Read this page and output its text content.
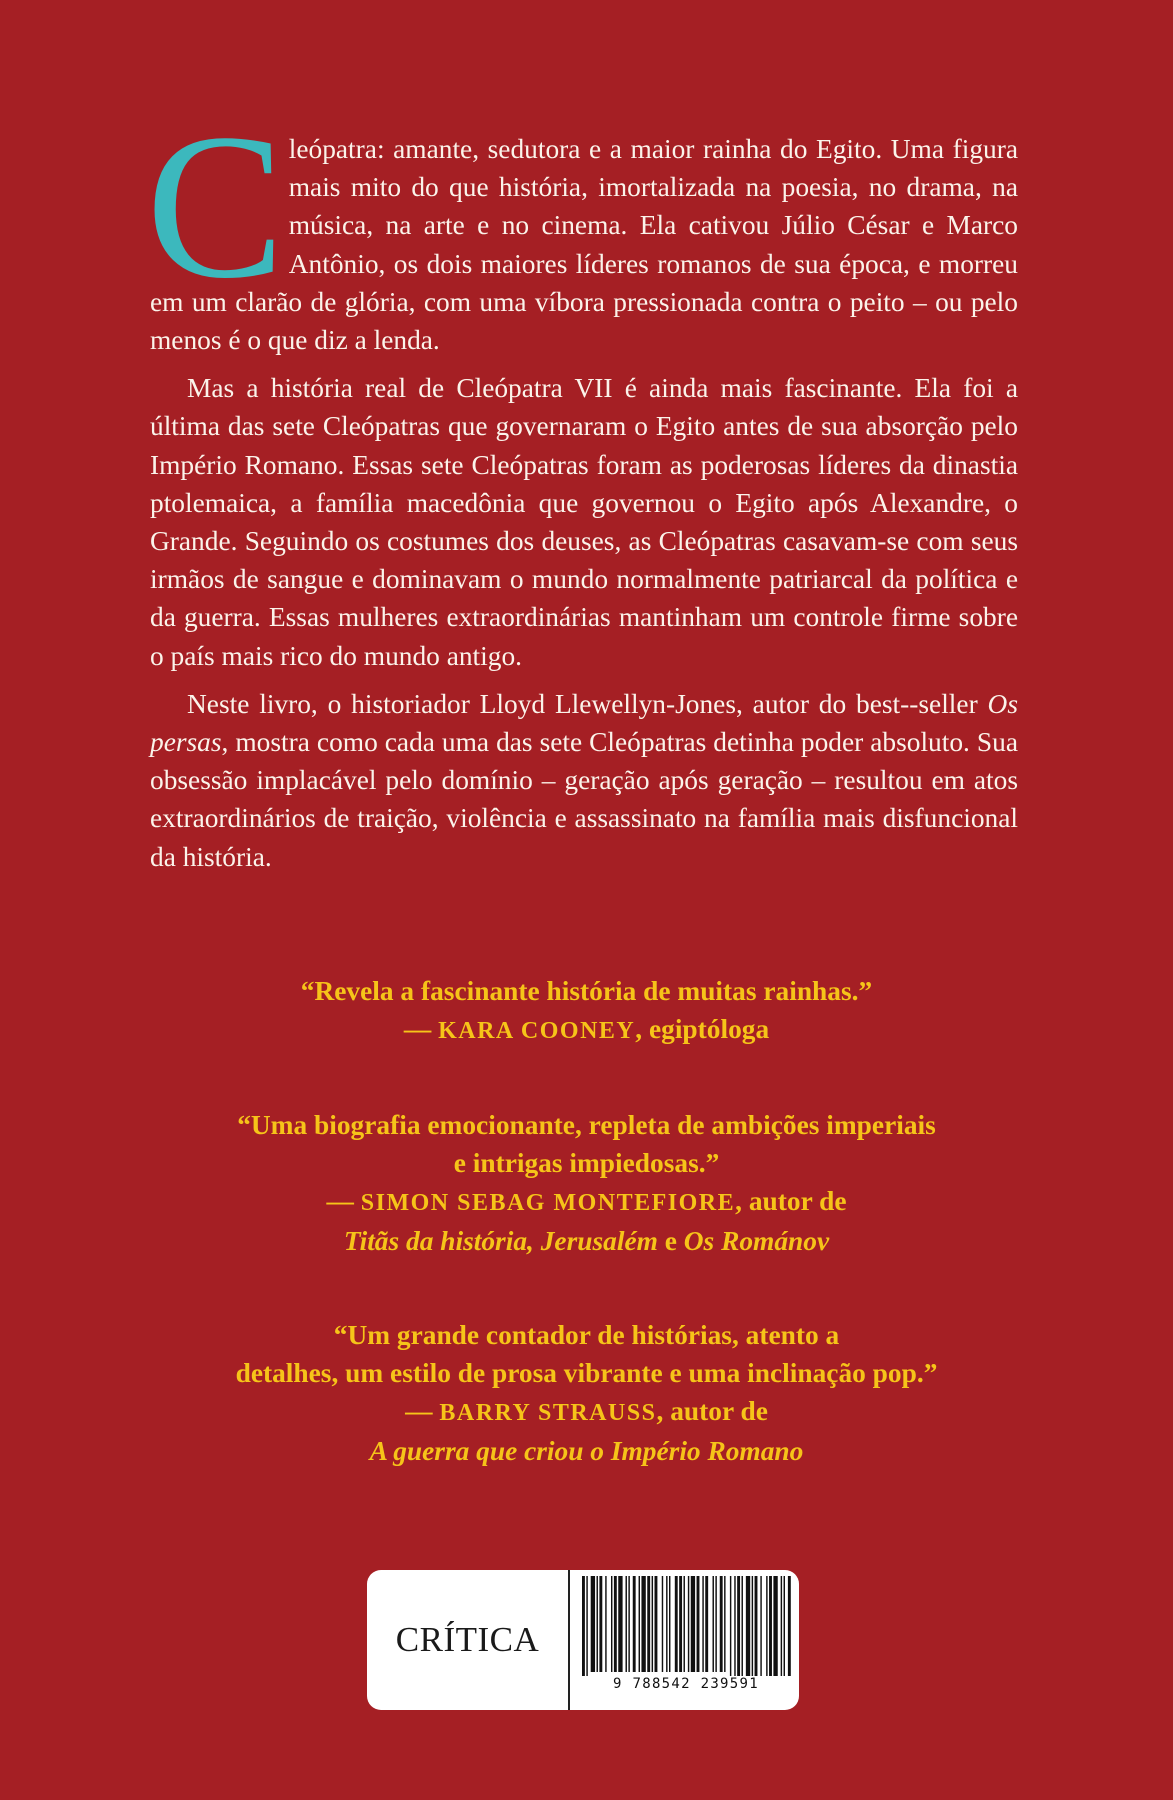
Cleópatra: amante, sedutora e a maior rainha do Egito. Uma figura mais mito do que história, imortalizada na poesia, no drama, na música, na arte e no cinema. Ela cativou Júlio César e Marco Antônio, os dois maiores líderes romanos de sua época, e morreu em um clarão de glória, com uma víbora pressionada contra o peito – ou pelo menos é o que diz a lenda.

Mas a história real de Cleópatra VII é ainda mais fascinante. Ela foi a última das sete Cleópatras que governaram o Egito antes de sua absorção pelo Império Romano. Essas sete Cleópatras foram as poderosas líderes da dinastia ptolemaica, a família macedônia que governou o Egito após Alexandre, o Grande. Seguindo os costumes dos deuses, as Cleópatras casavam-se com seus irmãos de sangue e dominavam o mundo normalmente patriarcal da política e da guerra. Essas mulheres extraordinárias mantinham um controle firme sobre o país mais rico do mundo antigo.

Neste livro, o historiador Lloyd Llewellyn-Jones, autor do best--seller Os persas, mostra como cada uma das sete Cleópatras detinha poder absoluto. Sua obsessão implacável pelo domínio – geração após geração – resultou em atos extraordinários de traição, violência e assassinato na família mais disfuncional da história.

“Revela a fascinante história de muitas rainhas.”
— KARA COONEY, egiptóloga
“Uma biografia emocionante, repleta de ambições imperiais
e intrigas impiedosas.”
— SIMON SEBAG MONTEFIORE, autor de
Titãs da história, Jerusalém e Os Románov
“Um grande contador de histórias, atento a
detalhes, um estilo de prosa vibrante e uma inclinação pop.”
— BARRY STRAUSS, autor de
A guerra que criou o Império Romano
CRÍTICA
9 788542 239591
